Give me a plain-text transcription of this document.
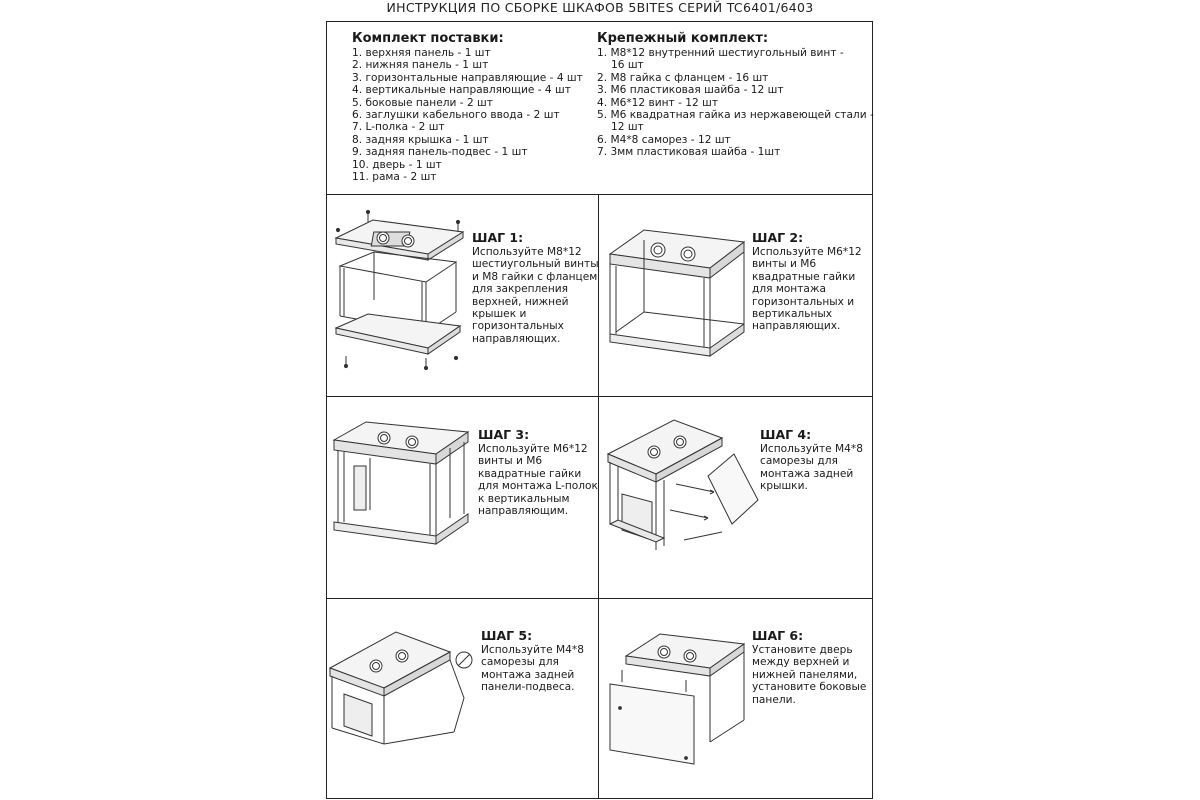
ИНСТРУКЦИЯ ПО СБОРКЕ ШКАФОВ 5BITES СЕРИЙ TC6401/6403
Комплект поставки:
1. верхняя панель - 1 шт
2. нижняя панель - 1 шт
3. горизонтальные направляющие - 4 шт
4. вертикальные направляющие - 4 шт
5. боковые панели - 2 шт
6. заглушки кабельного ввода - 2 шт
7. L-полка - 2 шт
8. задняя крышка - 1 шт
9. задняя панель-подвес - 1 шт
10. дверь - 1 шт
11. рама - 2 шт
Крепежный комплект:
1. М8*12 внутренний шестиугольный винт -
16 шт
2. М8 гайка с фланцем - 16 шт
3. М6 пластиковая шайба - 12 шт
4. М6*12 винт - 12 шт
5. М6 квадратная гайка из нержавеющей стали -
12 шт
6. М4*8 саморез - 12 шт
7. 3мм пластиковая шайба - 1шт
ШАГ 1:
Используйте М8*12
шестиугольный винты
и М8 гайки с фланцем
для закрепления
верхней, нижней
крышек и
горизонтальных
направляющих.
ШАГ 2:
Используйте М6*12
винты и М6
квадратные гайки
для монтажа
горизонтальных и
вертикальных
направляющих.
ШАГ 3:
Используйте М6*12
винты и М6
квадратные гайки
для монтажа L-полок
к вертикальным
направляющим.
ШАГ 4:
Используйте М4*8
саморезы для
монтажа задней
крышки.
ШАГ 5:
Используйте М4*8
саморезы для
монтажа задней
панели-подвеса.
ШАГ 6:
Установите дверь
между верхней и
нижней панелями,
установите боковые
панели.
